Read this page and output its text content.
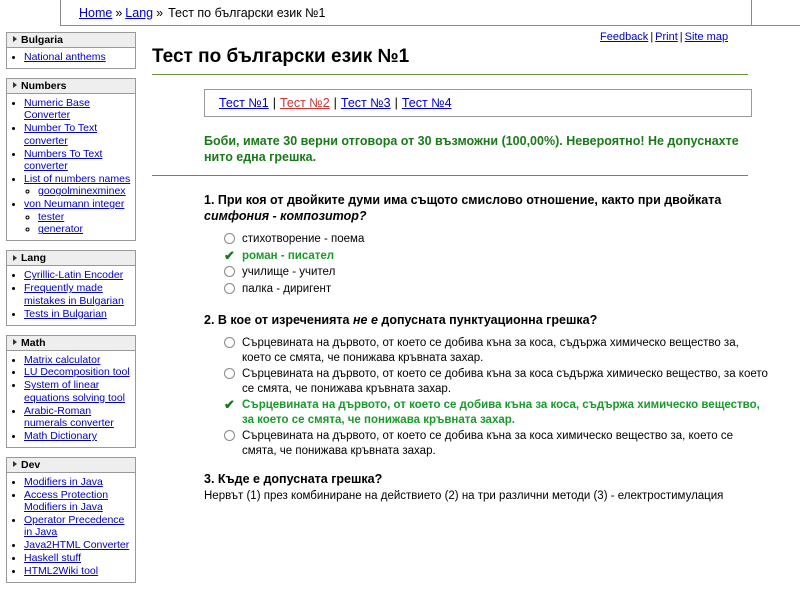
Home » Lang » Тест по български език №1
Feedback | Print | Site map
Bulgaria
• National anthems
Numbers
• Numeric Base Converter
• Number To Text converter
• Numbers To Text converter
• List of numbers names
◦ googolminexminex
• von Neumann integer
◦ tester
◦ generator
Lang
• Cyrillic-Latin Encoder
• Frequently made mistakes in Bulgarian
• Tests in Bulgarian
Math
• Matrix calculator
• LU Decomposition tool
• System of linear equations solving tool
• Arabic-Roman numerals converter
• Math Dictionary
Dev
• Modifiers in Java
• Access Protection Modifiers in Java
• Operator Precedence in Java
• Java2HTML Converter
• Haskell stuff
• HTML2Wiki tool
Тест по български език №1
Тест №1 | Тест №2 | Тест №3 | Тест №4
Боби, имате 30 верни отговора от 30 възможни (100,00%). Невероятно! Не допуснахте нито една грешка.
1. При коя от двойките думи има същото смислово отношение, както при двойката
симфония - композитор?
стихотворение - поема
✔ роман - писател
училище - учител
палка - диригент
2. В кое от изреченията не е допусната пунктуационна грешка?
Сърцевината на дървото, от което се добива къна за коса, съдържа химическо вещество за, което се смята, че понижава кръвната захар.
Сърцевината на дървото, от което се добива къна за коса съдържа химическо вещество, за което се смята, че понижава кръвната захар.
✔ Сърцевината на дървото, от което се добива къна за коса, съдържа химическо вещество, за което се смята, че понижава кръвната захар.
Сърцевината на дървото, от което се добива къна за коса химическо вещество за, което се смята, че понижава кръвната захар.
3. Къде е допусната грешка?
Нервът (1) през комбиниране на действието (2) на три различни методи (3) - електростимулация
